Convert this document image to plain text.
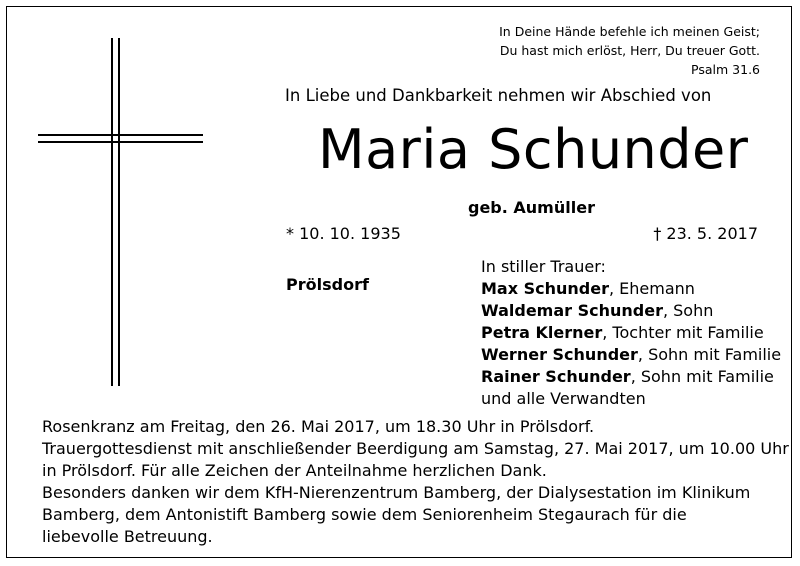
In Deine Hände befehle ich meinen Geist;
Du hast mich erlöst, Herr, Du treuer Gott.
Psalm 31.6
In Liebe und Dankbarkeit nehmen wir Abschied von
Maria Schunder
geb. Aumüller
* 10. 10. 1935	† 23. 5. 2017
Prölsdorf
In stiller Trauer:
Max Schunder, Ehemann
Waldemar Schunder, Sohn
Petra Klerner, Tochter mit Familie
Werner Schunder, Sohn mit Familie
Rainer Schunder, Sohn mit Familie
und alle Verwandten
Rosenkranz am Freitag, den 26. Mai 2017, um 18.30 Uhr in Prölsdorf.
Trauergottesdienst mit anschließender Beerdigung am Samstag, 27. Mai 2017, um 10.00 Uhr
in Prölsdorf. Für alle Zeichen der Anteilnahme herzlichen Dank.
Besonders danken wir dem KfH-Nierenzentrum Bamberg, der Dialysestation im Klinikum
Bamberg, dem Antonistift Bamberg sowie dem Seniorenheim Stegaurach für die
liebevolle Betreuung.
